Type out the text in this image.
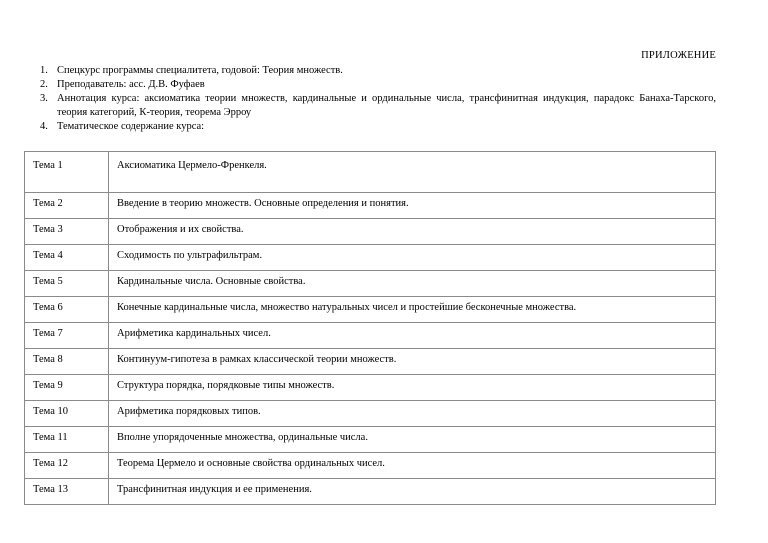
ПРИЛОЖЕНИЕ
1. Спецкурс программы специалитета, годовой: Теория множеств.
2. Преподаватель: асс. Д.В. Фуфаев
3. Аннотация курса: аксиоматика теории множеств, кардинальные и ординальные числа, трансфинитная индукция, парадокс Банаха-Тарского, теория категорий, К-теория, теорема Эрроу
4. Тематическое содержание курса:
Тема 1	Аксиоматика Цермело-Френкеля.
Тема 2	Введение в теорию множеств. Основные определения и понятия.
Тема 3	Отображения и их свойства.
Тема 4	Сходимость по ультрафильтрам.
Тема 5	Кардинальные числа. Основные свойства.
Тема 6	Конечные кардинальные числа, множество натуральных чисел и простейшие бесконечные множества.
Тема 7	Арифметика кардинальных чисел.
Тема 8	Континуум-гипотеза в рамках классической теории множеств.
Тема 9	Структура порядка, порядковые типы множеств.
Тема 10	Арифметика порядковых типов.
Тема 11	Вполне упорядоченные множества, ординальные числа.
Тема 12	Теорема Цермело и основные свойства ординальных чисел.
Тема 13	Трансфинитная индукция и ее применения.
